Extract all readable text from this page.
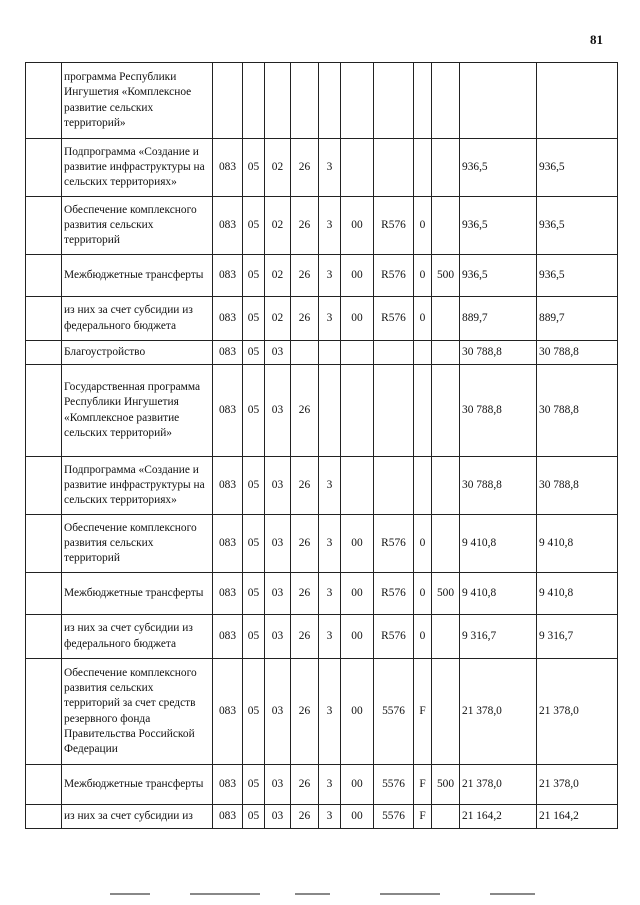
81
	программа Республики Ингушетия «Комплексное развитие сельских территорий»											
	Подпрограмма «Создание и развитие инфраструктуры на сельских территориях»	083	05	02	26	3					936,5	936,5
	Обеспечение комплексного развития сельских территорий	083	05	02	26	3	00	R576	0		936,5	936,5
	Межбюджетные трансферты	083	05	02	26	3	00	R576	0	500	936,5	936,5
	из них за счет субсидии из федерального бюджета	083	05	02	26	3	00	R576	0		889,7	889,7
	Благоустройство	083	05	03							30 788,8	30 788,8
	Государственная программа Республики Ингушетия «Комплексное развитие сельских территорий»	083	05	03	26						30 788,8	30 788,8
	Подпрограмма «Создание и развитие инфраструктуры на сельских территориях»	083	05	03	26	3					30 788,8	30 788,8
	Обеспечение комплексного развития сельских территорий	083	05	03	26	3	00	R576	0		9 410,8	9 410,8
	Межбюджетные трансферты	083	05	03	26	3	00	R576	0	500	9 410,8	9 410,8
	из них за счет субсидии из федерального бюджета	083	05	03	26	3	00	R576	0		9 316,7	9 316,7
	Обеспечение комплексного развития сельских территорий за счет средств резервного фонда Правительства Российской Федерации	083	05	03	26	3	00	5576	F		21 378,0	21 378,0
	Межбюджетные трансферты	083	05	03	26	3	00	5576	F	500	21 378,0	21 378,0
	из них за счет субсидии из	083	05	03	26	3	00	5576	F		21 164,2	21 164,2
